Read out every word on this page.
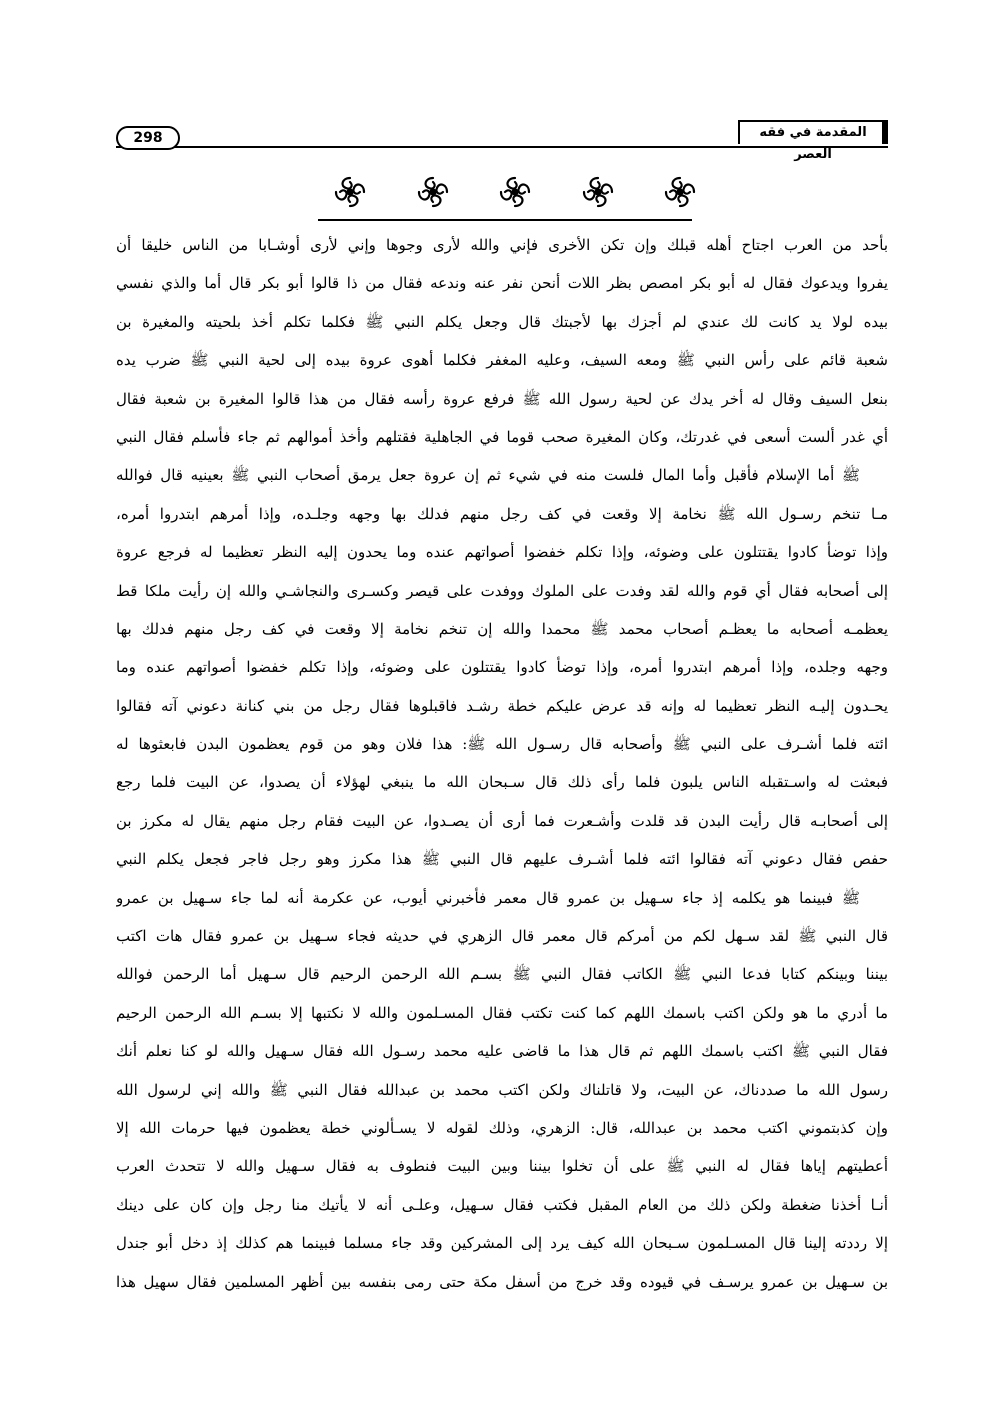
المقدمة في فقه العصر
298
بأحد من العرب اجتاح أهله قبلك وإن تكن الأخرى فإني والله لأرى وجوها وإني لأرى أوشـابا من الناس خليقا أن
يفروا ويدعوك فقال له أبو بكر امصص بظر اللات أنحن نفر عنه وندعه فقال من ذا قالوا أبو بكر قال أما والذي نفسي
بيده لولا يد كانت لك عندي لم أجزك بها لأجبتك قال وجعل يكلم النبي ﷺ فكلما تكلم أخذ بلحيته والمغيرة بن
شعبة قائم على رأس النبي ﷺ ومعه السيف، وعليه المغفر فكلما أهوى عروة بيده إلى لحية النبي ﷺ ضرب يده
بنعل السيف وقال له أخر يدك عن لحية رسول الله ﷺ فرفع عروة رأسه فقال من هذا قالوا المغيرة بن شعبة فقال
أي غدر ألست أسعى في غدرتك، وكان المغيرة صحب قوما في الجاهلية فقتلهم وأخذ أموالهم ثم جاء فأسلم فقال النبي
ﷺ أما الإسلام فأقبل وأما المال فلست منه في شيء ثم إن عروة جعل يرمق أصحاب النبي ﷺ بعينيه قال فوالله
مـا تنخم رسـول الله ﷺ نخامة إلا وقعت في كف رجل منهم فدلك بها وجهه وجلـده، وإذا أمرهم ابتدروا أمره،
وإذا توضأ كادوا يقتتلون على وضوئه، وإذا تكلم خفضوا أصواتهم عنده وما يحدون إليه النظر تعظيما له فرجع عروة
إلى أصحابه فقال أي قوم والله لقد وفدت على الملوك ووفدت على قيصر وكسـرى والنجاشـي والله إن رأيت ملكا قط
يعظمـه أصحابه ما يعظـم أصحاب محمد ﷺ محمدا والله إن تنخم نخامة إلا وقعت في كف رجل منهم فدلك بها
وجهه وجلده، وإذا أمرهم ابتدروا أمره، وإذا توضأ كادوا يقتتلون على وضوئه، وإذا تكلم خفضوا أصواتهم عنده وما
يحـدون إليـه النظر تعظيما له وإنه قد عرض عليكم خطة رشـد فاقبلوها فقال رجل من بني كنانة دعوني آته فقالوا
ائته فلما أشـرف على النبي ﷺ وأصحابه قال رسـول الله ﷺ: هذا فلان وهو من قوم يعظمون البدن فابعثوها له
فبعثت له واسـتقبله الناس يلبون فلما رأى ذلك قال سـبحان الله ما ينبغي لهؤلاء أن يصدوا، عن البيت فلما رجع
إلى أصحابـه قال رأيت البدن قد قلدت وأشـعرت فما أرى أن يصـدوا، عن البيت فقام رجل منهم يقال له مكرز بن
حفص فقال دعوني آته فقالوا ائته فلما أشـرف عليهم قال النبي ﷺ هذا مكرز وهو رجل فاجر فجعل يكلم النبي
ﷺ فبينما هو يكلمه إذ جاء سـهيل بن عمرو قال معمر فأخبرني أيوب، عن عكرمة أنه لما جاء سـهيل بن عمرو
قال النبي ﷺ لقد سـهل لكم من أمركم قال معمر قال الزهري في حديثه فجاء سـهيل بن عمرو فقال هات اكتب
بيننا وبينكم كتابا فدعا النبي ﷺ الكاتب فقال النبي ﷺ بسـم الله الرحمن الرحيم قال سـهيل أما الرحمن فوالله
ما أدري ما هو ولكن اكتب باسمك اللهم كما كنت تكتب فقال المسـلمون والله لا نكتبها إلا بسـم الله الرحمن الرحيم
فقال النبي ﷺ اكتب باسمك اللهم ثم قال هذا ما قاضى عليه محمد رسـول الله فقال سـهيل والله لو كنا نعلم أنك
رسول الله ما صددناك، عن البيت، ولا قاتلناك ولكن اكتب محمد بن عبدالله فقال النبي ﷺ والله إني لرسول الله
وإن كذبتموني اكتب محمد بن عبدالله، قال: الزهري، وذلك لقوله لا يسـألوني خطة يعظمون فيها حرمات الله إلا
أعطيتهم إياها فقال له النبي ﷺ على أن تخلوا بيننا وبين البيت فنطوف به فقال سـهيل والله لا تتحدث العرب
أنـا أخذنا ضغطة ولكن ذلك من العام المقبل فكتب فقال سـهيل، وعلـى أنه لا يأتيك منا رجل وإن كان على دينك
إلا رددته إلينا قال المسـلمون سـبحان الله كيف يرد إلى المشركين وقد جاء مسلما فبينما هم كذلك إذ دخل أبو جندل
بن سـهيل بن عمرو يرسـف في قيوده وقد خرج من أسفل مكة حتى رمى بنفسه بين أظهر المسلمين فقال سهيل هذا
